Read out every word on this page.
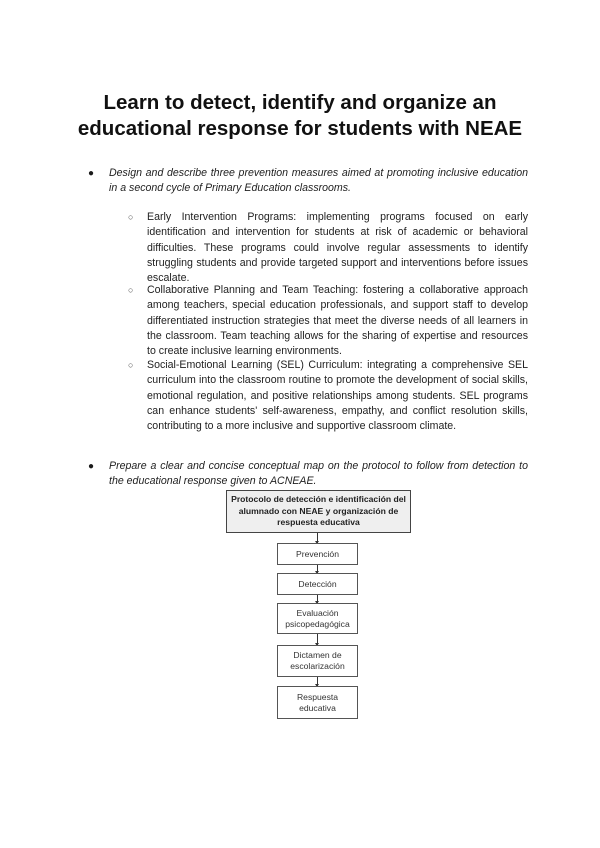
Learn to detect, identify and organize an educational response for students with NEAE
● Design and describe three prevention measures aimed at promoting inclusive education in a second cycle of Primary Education classrooms.
○ Early Intervention Programs: implementing programs focused on early identification and intervention for students at risk of academic or behavioral difficulties. These programs could involve regular assessments to identify struggling students and provide targeted support and interventions before issues escalate.
○ Collaborative Planning and Team Teaching: fostering a collaborative approach among teachers, special education professionals, and support staff to develop differentiated instruction strategies that meet the diverse needs of all learners in the classroom. Team teaching allows for the sharing of expertise and resources to create inclusive learning environments.
○ Social-Emotional Learning (SEL) Curriculum: integrating a comprehensive SEL curriculum into the classroom routine to promote the development of social skills, emotional regulation, and positive relationships among students. SEL programs can enhance students' self-awareness, empathy, and conflict resolution skills, contributing to a more inclusive and supportive classroom climate.
● Prepare a clear and concise conceptual map on the protocol to follow from detection to the educational response given to ACNEAE.
Protocolo de detección e identificación del alumnado con NEAE y organización de respuesta educativa
Prevención
Detección
Evaluación psicopedagógica
Dictamen de escolarización
Respuesta educativa
